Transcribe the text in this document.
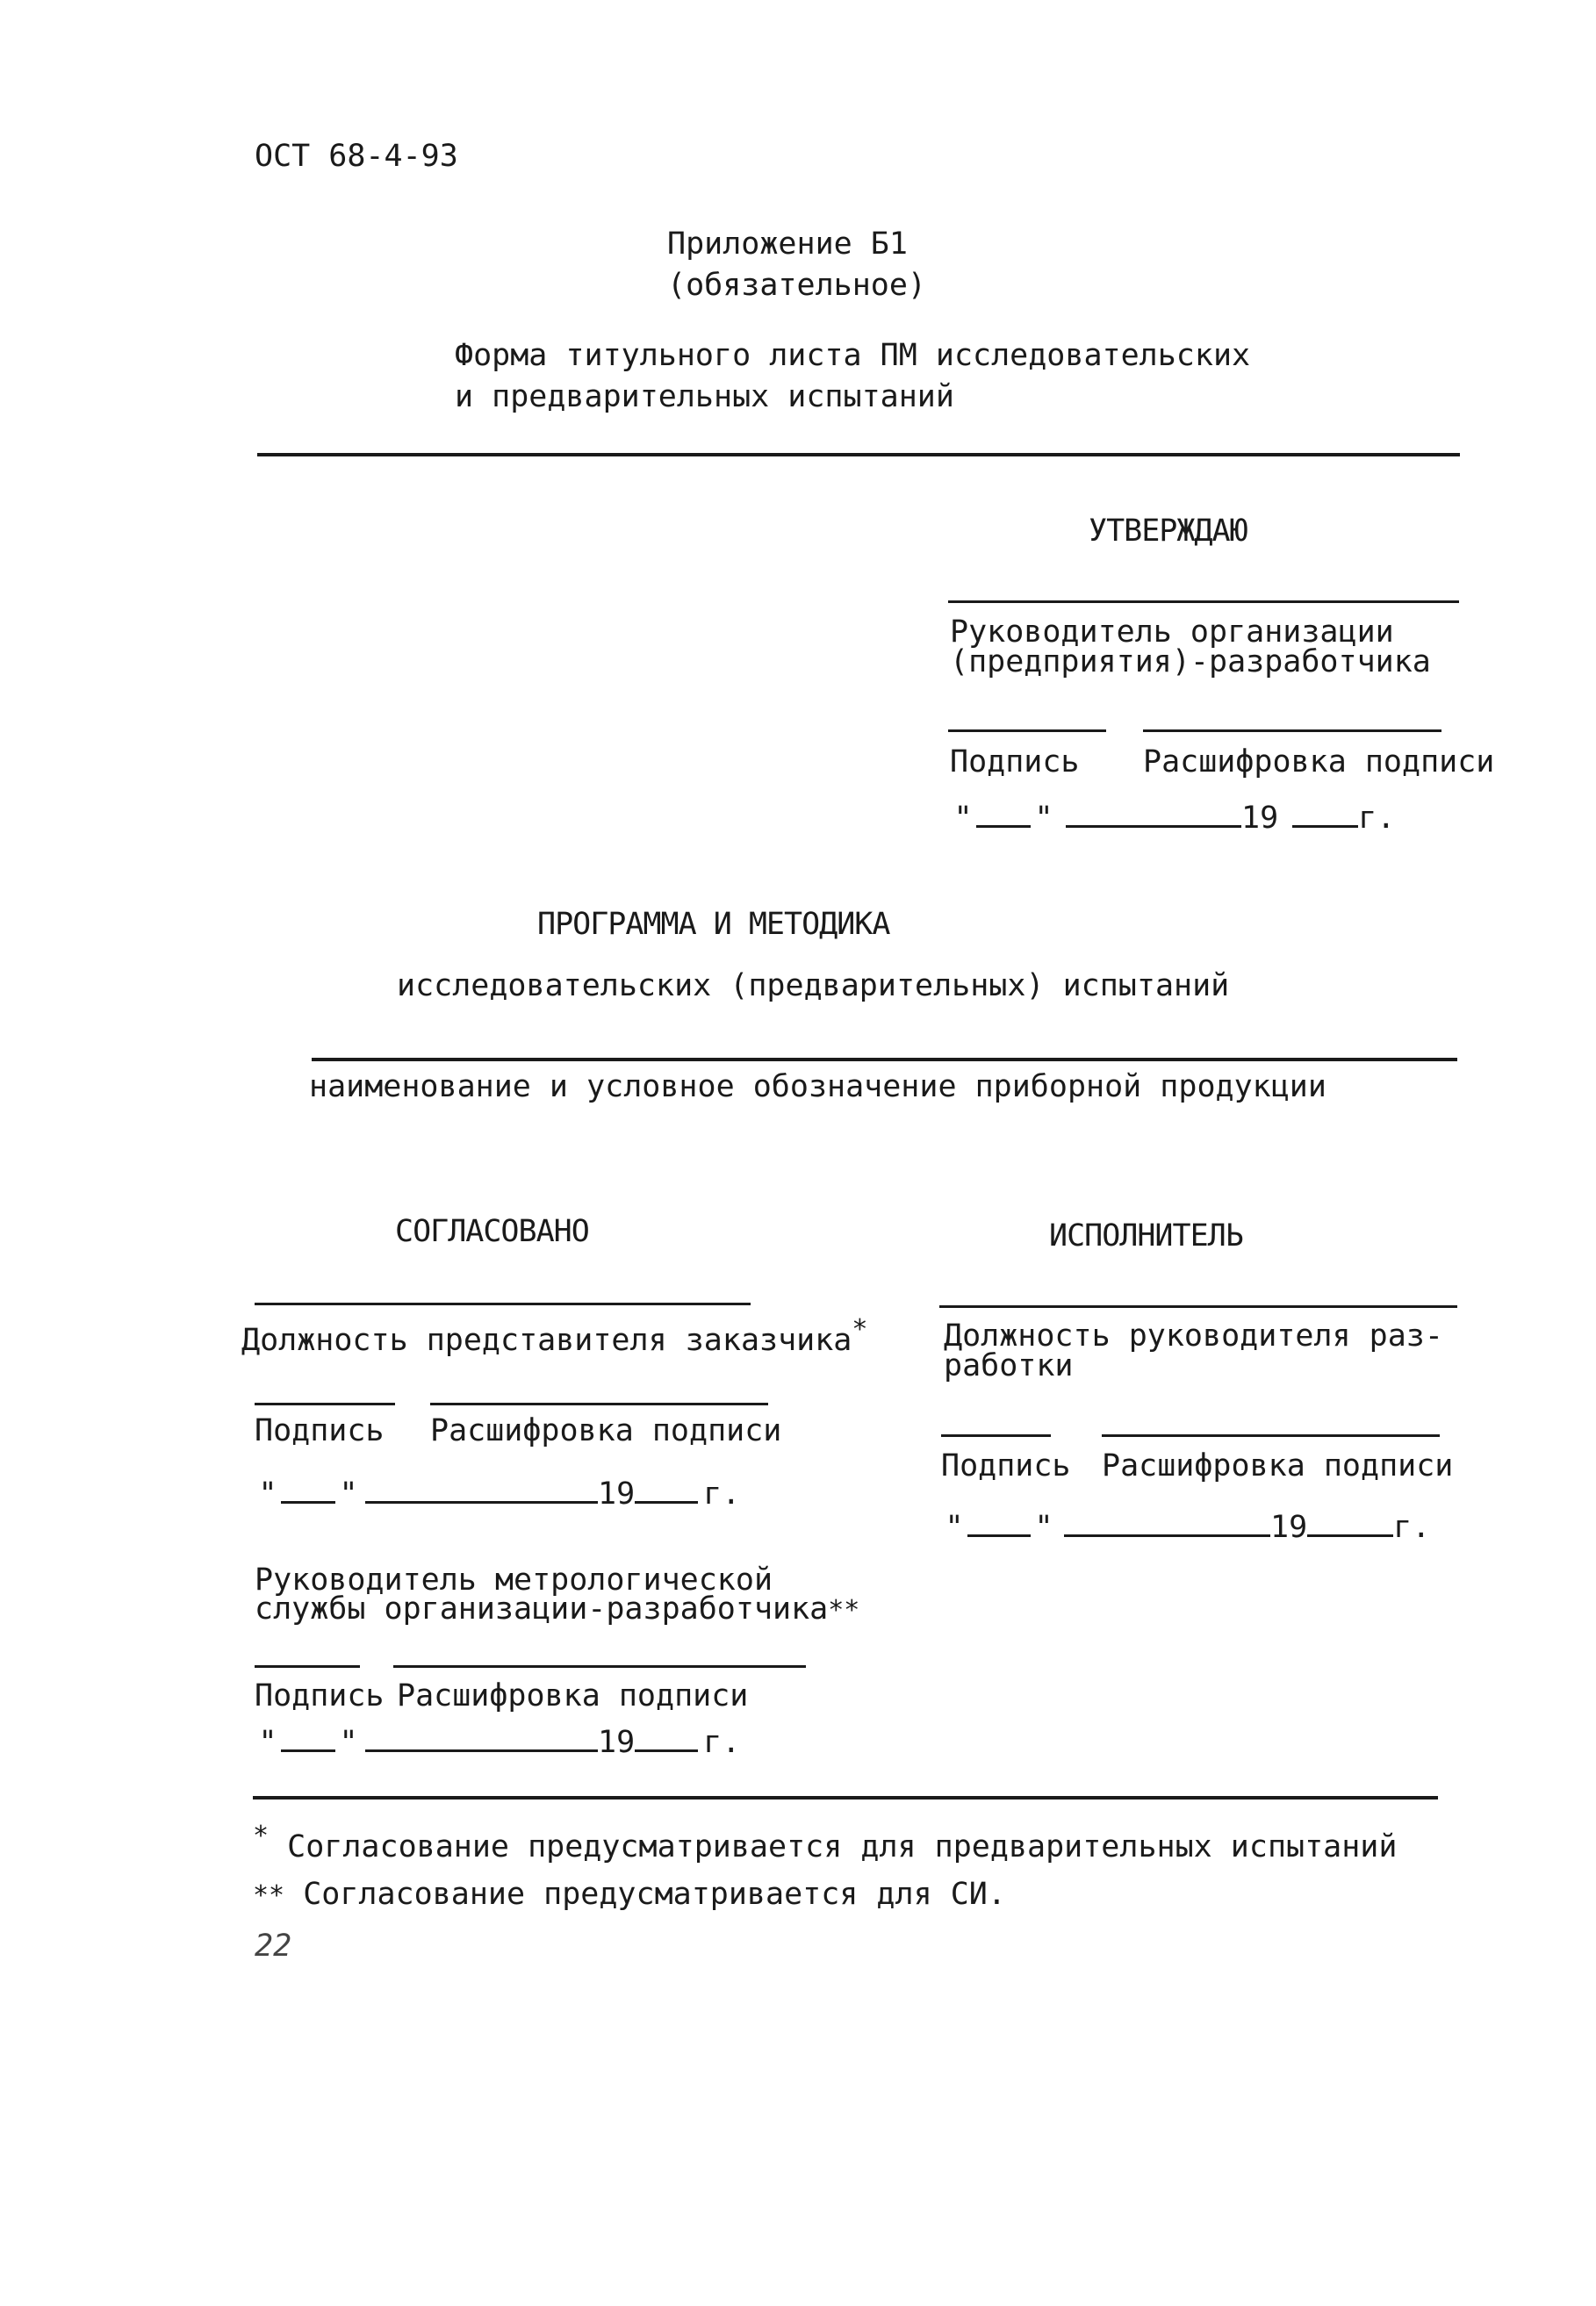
ОСТ 68-4-93
Приложение Б1
(обязательное)
Форма титульного листа ПМ исследовательских
и предварительных испытаний
УТВЕРЖДАЮ
Руководитель организации
(предприятия)-разработчика
Подпись Расшифровка подписи
" "	19	г.
ПРОГРАММА И МЕТОДИКА
исследовательских (предварительных) испытаний
наименование и условное обозначение приборной продукции
СОГЛАСОВАНО
Должность представителя заказчика*
Подпись Расшифровка подписи
" "	19 г.
Руководитель метрологической
службы организации-разработчика**
Подпись Расшифровка подписи
" "	19 г.
ИСПОЛНИТЕЛЬ
Должность руководителя раз-
работки
Подпись Расшифровка подписи
" "	19	г.
* Согласование предусматривается для предварительных испытаний
** Согласование предусматривается для СИ.
22
